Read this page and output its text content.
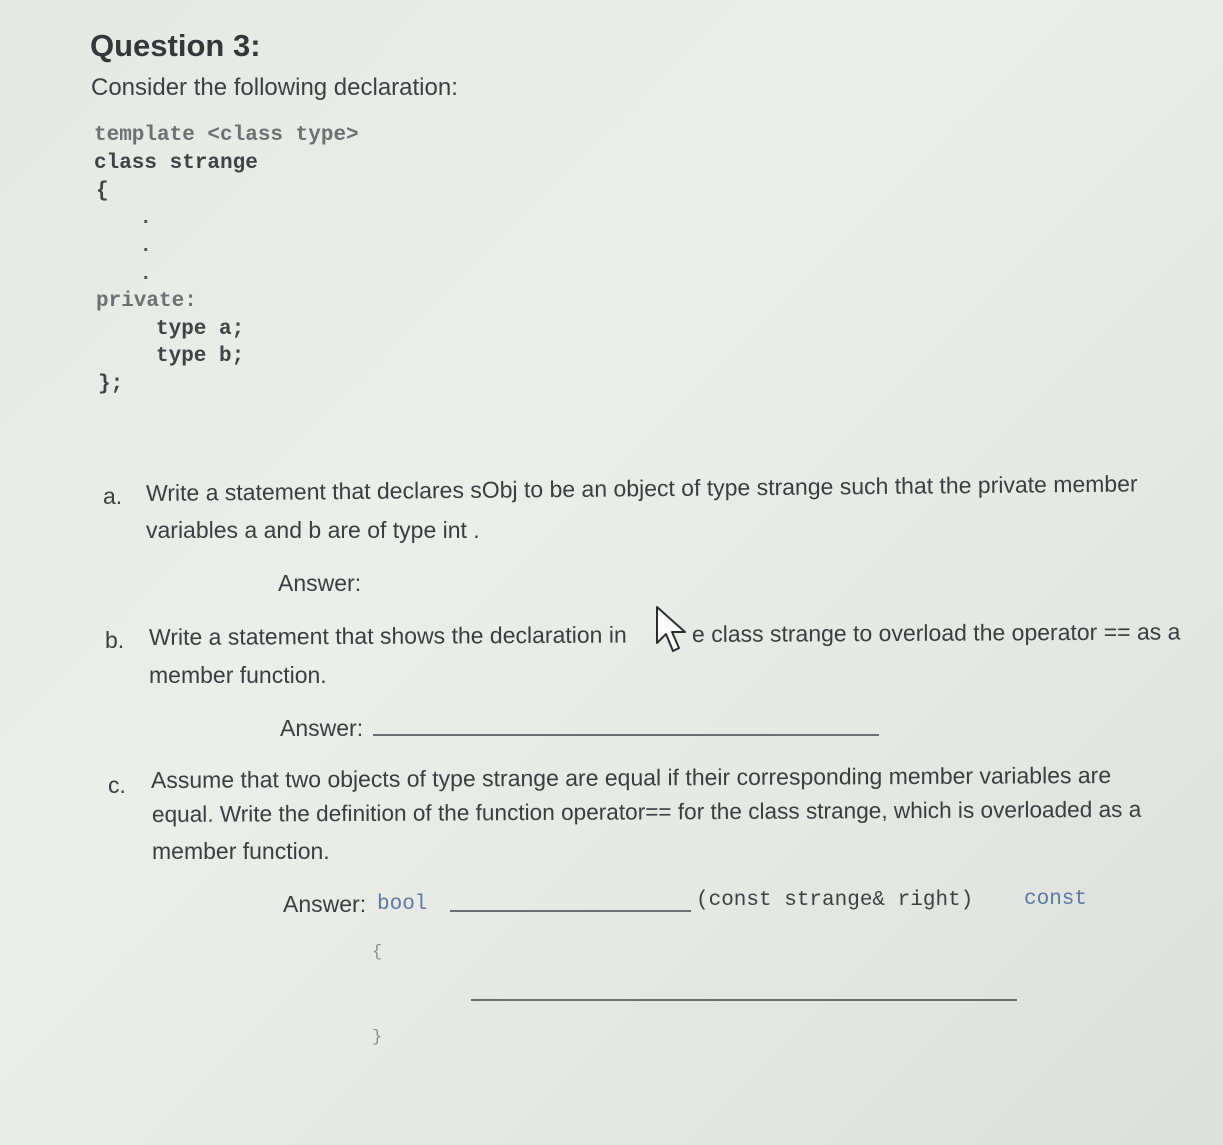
Question 3:
Consider the following declaration:
template <class type>
class strange
{
.
.
.
private:
type a;
type b;
};
a. Write a statement that declares sObj to be an object of type strange such that the private member
variables a and b are of type int .
Answer:
b. Write a statement that shows the declaration in	e class strange to overload the operator == as a
member function.
Answer:
c. Assume that two objects of type strange are equal if their corresponding member variables are
equal. Write the definition of the function operator== for the class strange, which is overloaded as a
member function.
Answer: bool	(const strange& right) const
{
}
